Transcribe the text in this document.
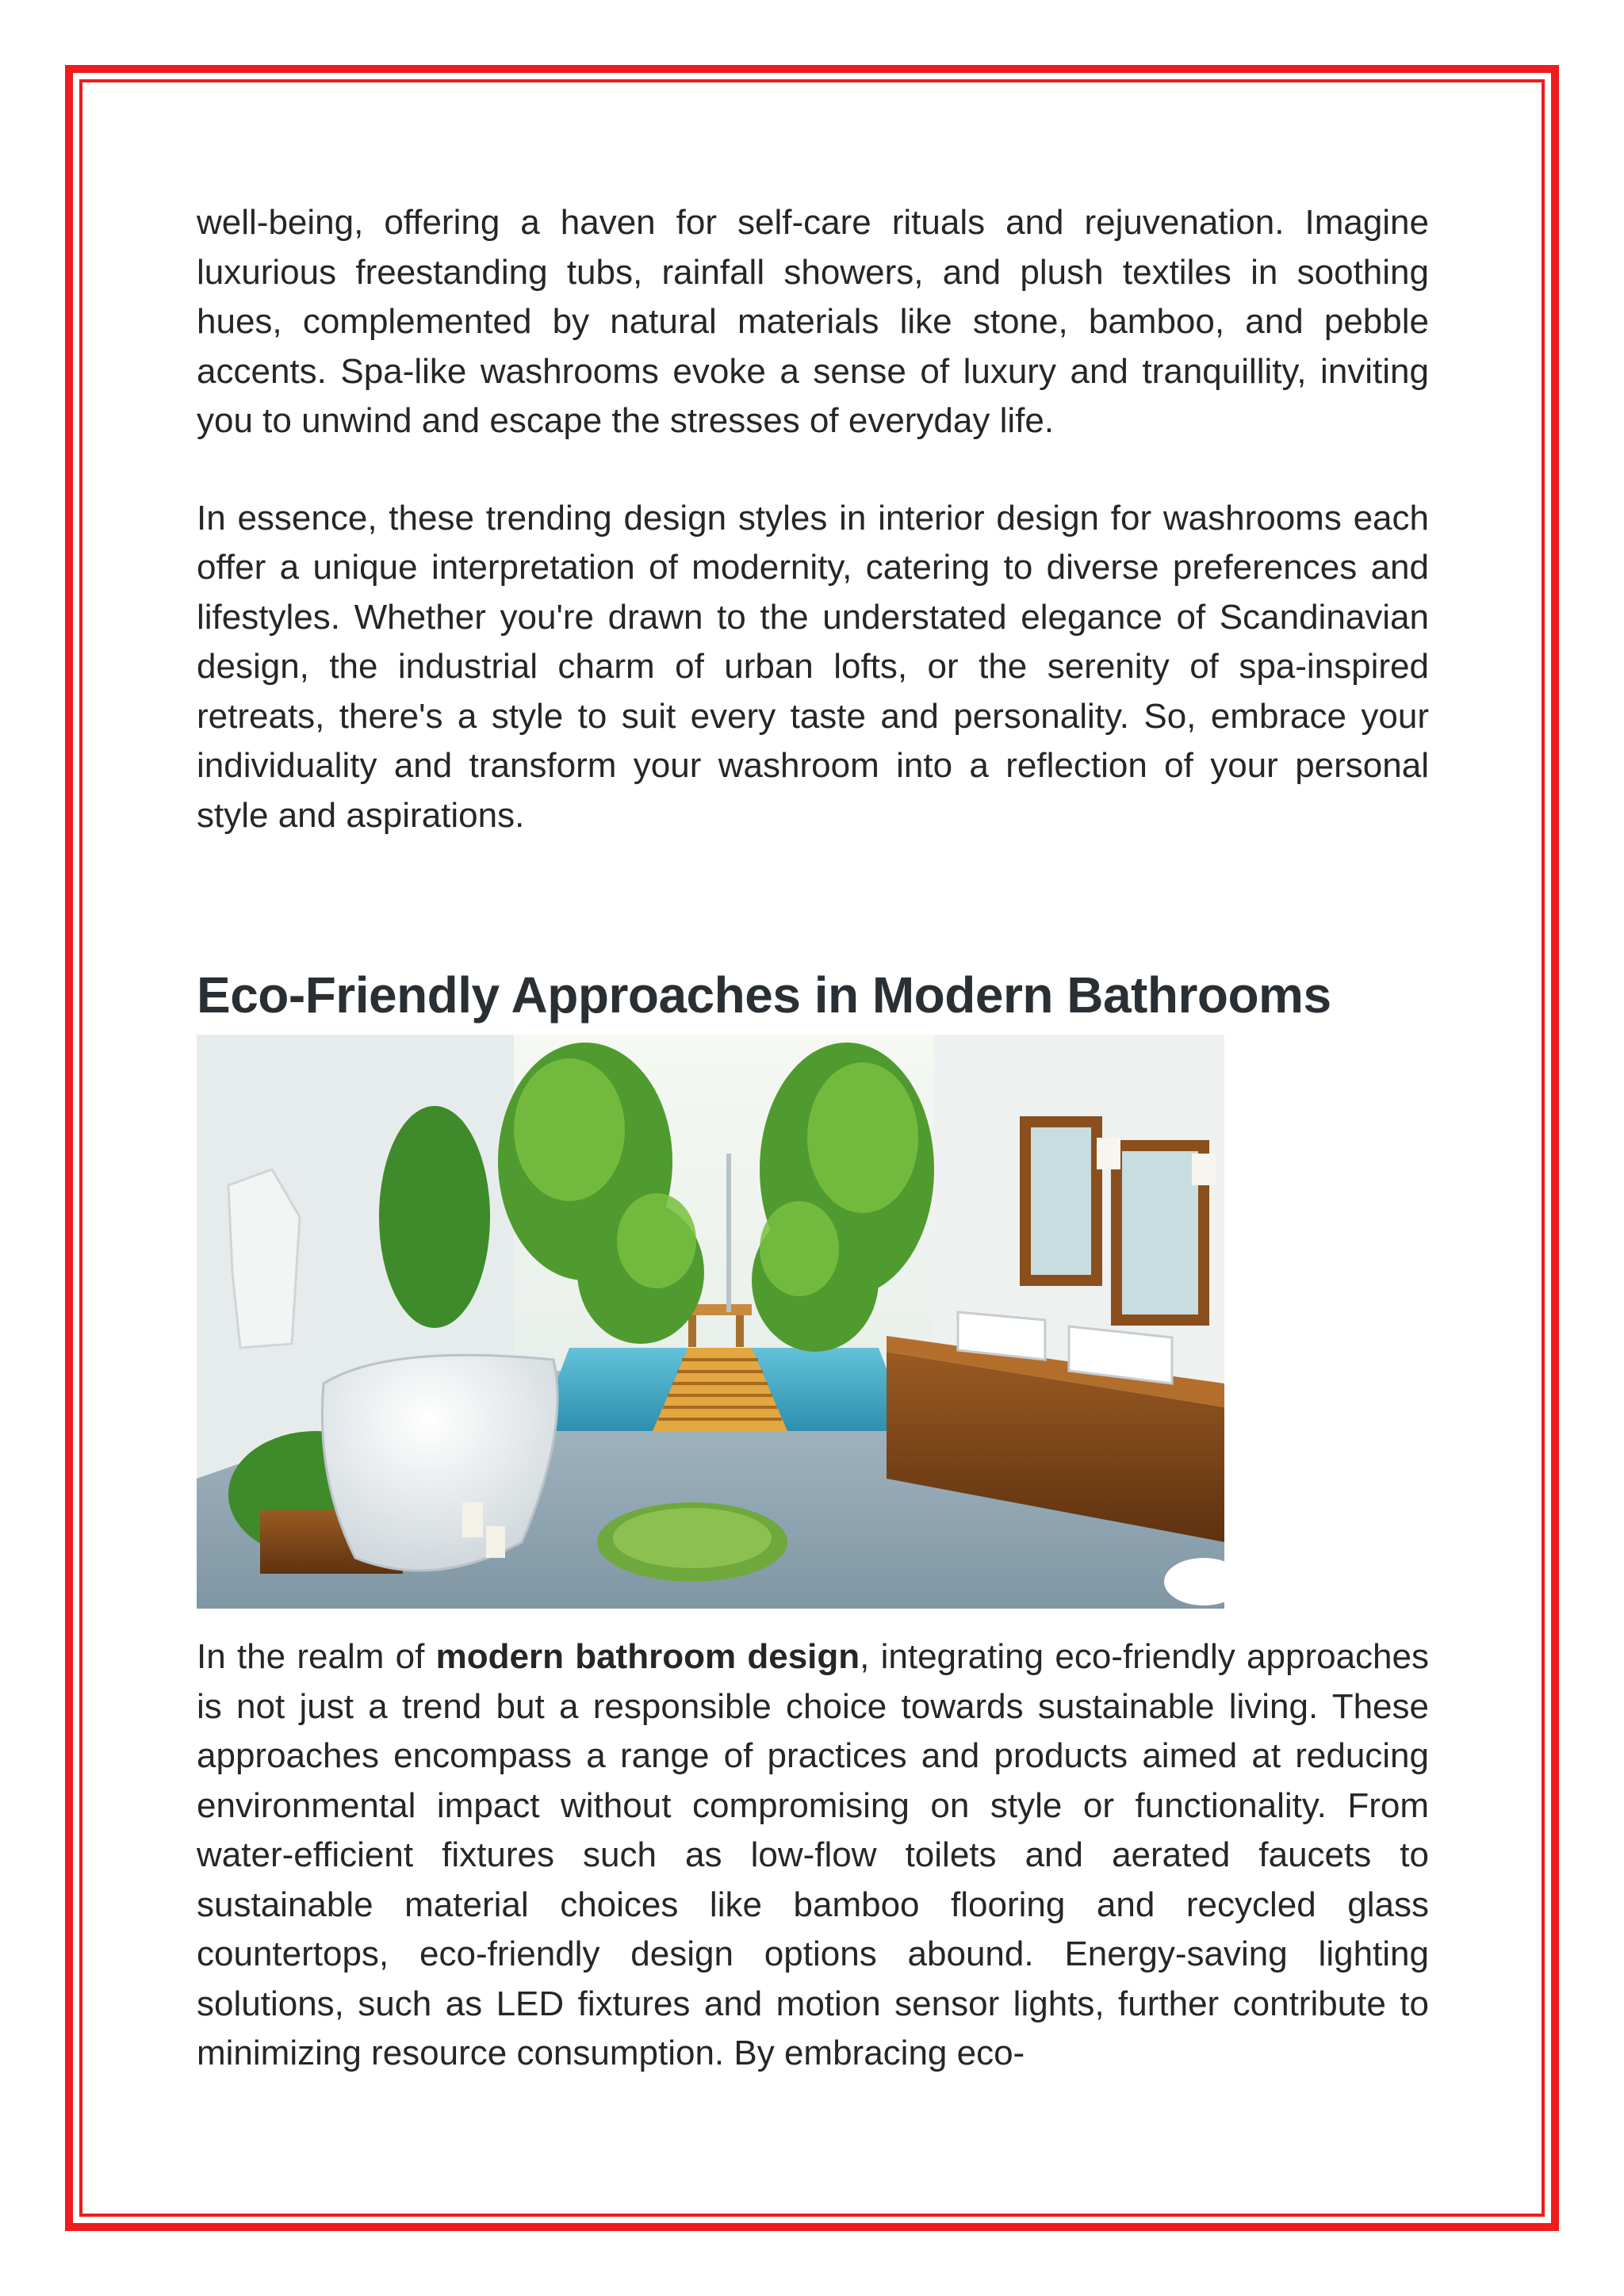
well-being, offering a haven for self-care rituals and rejuvenation. Imagine luxurious freestanding tubs, rainfall showers, and plush textiles in soothing hues, complemented by natural materials like stone, bamboo, and pebble accents. Spa-like washrooms evoke a sense of luxury and tranquillity, inviting you to unwind and escape the stresses of everyday life.

In essence, these trending design styles in interior design for washrooms each offer a unique interpretation of modernity, catering to diverse preferences and lifestyles. Whether you're drawn to the understated elegance of Scandinavian design, the industrial charm of urban lofts, or the serenity of spa-inspired retreats, there's a style to suit every taste and personality. So, embrace your individuality and transform your washroom into a reflection of your personal style and aspirations.

Eco-Friendly Approaches in Modern Bathrooms

In the realm of modern bathroom design, integrating eco-friendly approaches is not just a trend but a responsible choice towards sustainable living. These approaches encompass a range of practices and products aimed at reducing environmental impact without compromising on style or functionality. From water-efficient fixtures such as low-flow toilets and aerated faucets to sustainable material choices like bamboo flooring and recycled glass countertops, eco-friendly design options abound. Energy-saving lighting solutions, such as LED fixtures and motion sensor lights, further contribute to minimizing resource consumption. By embracing eco-
